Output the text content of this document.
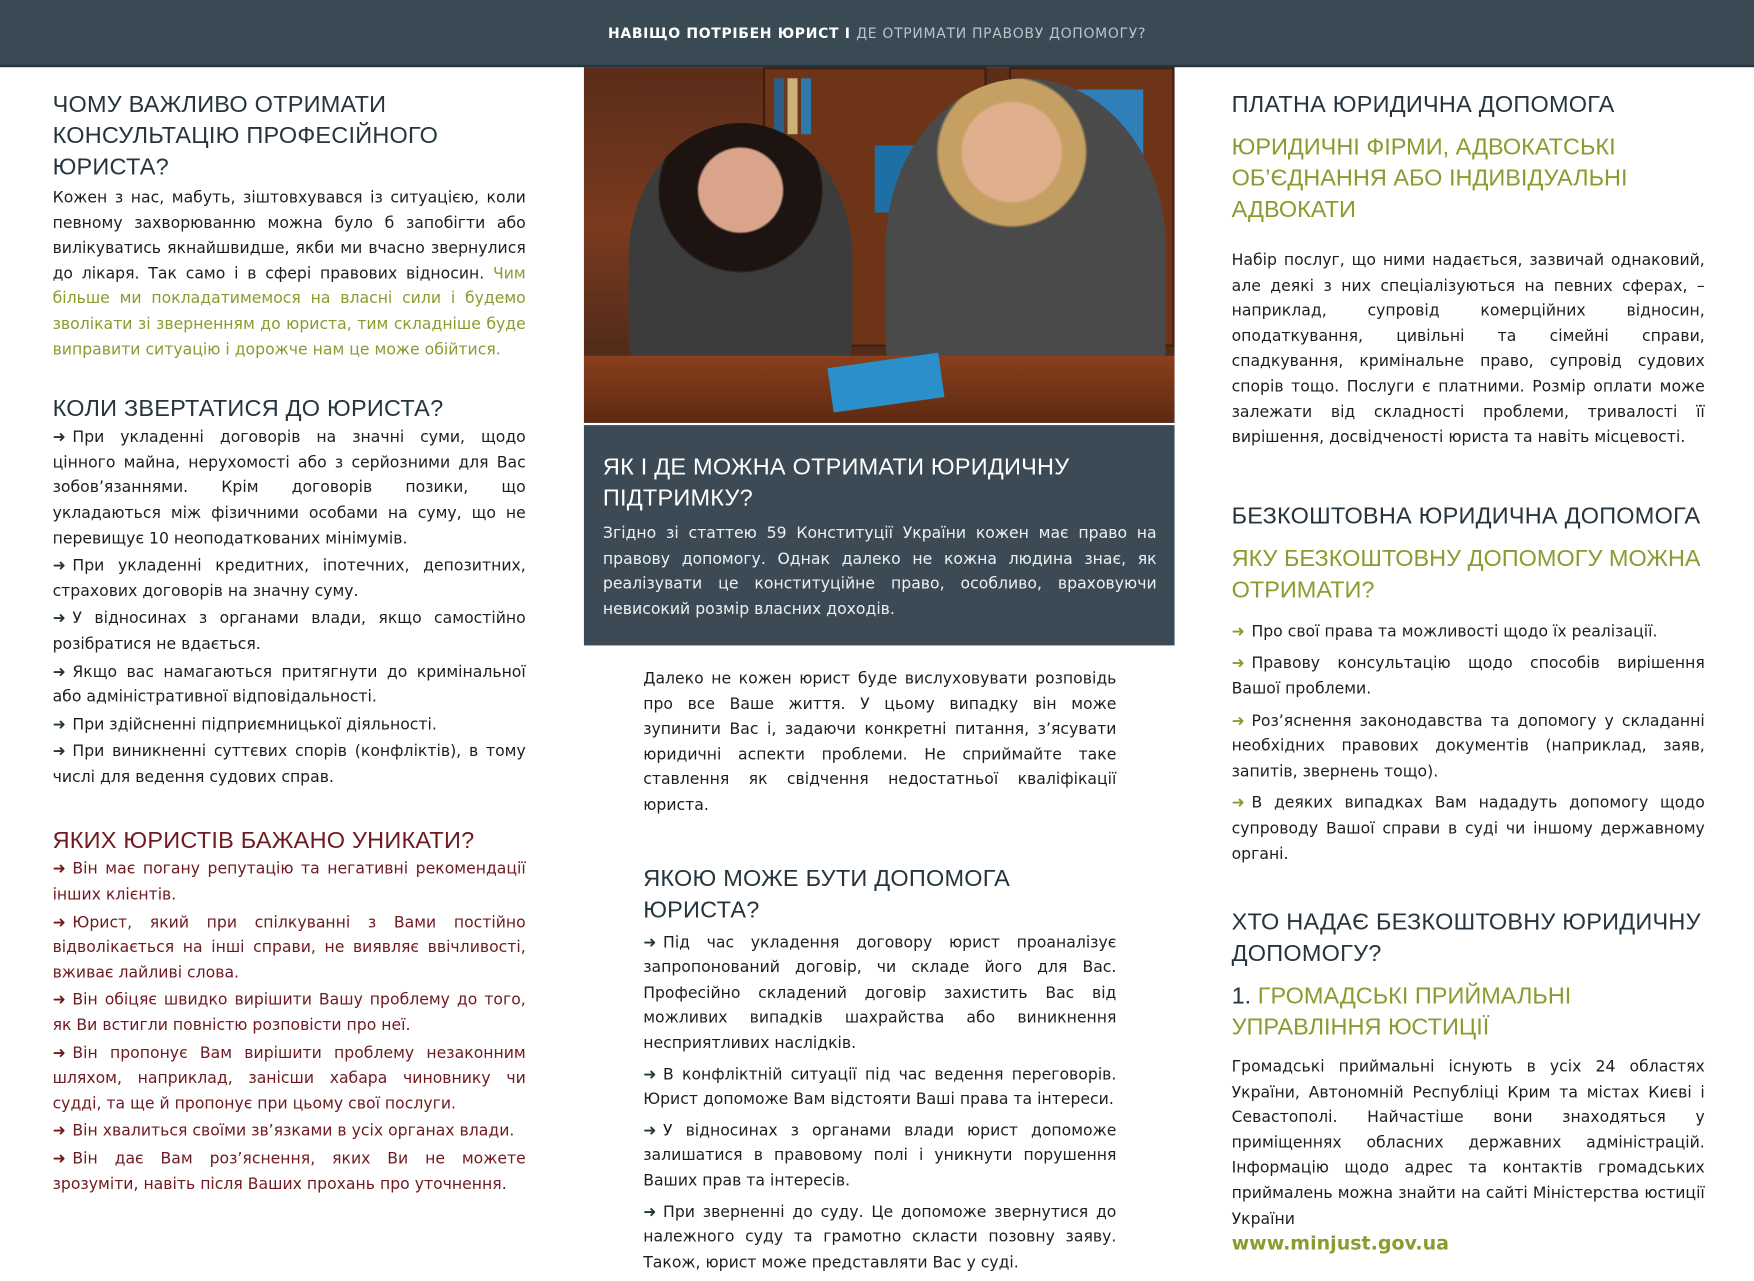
НАВІЩО ПОТРІБЕН ЮРИСТ І ДЕ ОТРИМАТИ ПРАВОВУ ДОПОМОГУ?
ЧОМУ ВАЖЛИВО ОТРИМАТИ КОНСУЛЬТАЦІЮ ПРОФЕСІЙНОГО ЮРИСТА?

Кожен з нас, мабуть, зіштовхувався із ситуацією, коли певному захворюванню можна було б запобігти або вилікуватись якнайшвидше, якби ми вчасно звернулися до лікаря. Так само і в сфері правових відносин. Чим більше ми покладатимемося на власні сили і будемо зволікати зі зверненням до юриста, тим складніше буде виправити ситуацію і дорожче нам це може обійтися.

КОЛИ ЗВЕРТАТИСЯ ДО ЮРИСТА?
➜ При укладенні договорів на значні суми, щодо цінного майна, нерухомості або з серйозними для Вас зобов’язаннями. Крім договорів позики, що укладаються між фізичними особами на суму, що не перевищує 10 неоподаткованих мінімумів.
➜ При укладенні кредитних, іпотечних, депозитних, страхових договорів на значну суму.
➜ У відносинах з органами влади, якщо самостійно розібратися не вдається.
➜ Якщо вас намагаються притягнути до кримінальної або адміністративної відповідальності.
➜ При здійсненні підприємницької діяльності.
➜ При виникненні суттєвих спорів (конфліктів), в тому числі для ведення судових справ.
ЯКИХ ЮРИСТІВ БАЖАНО УНИКАТИ?
➜ Він має погану репутацію та негативні рекомендації інших клієнтів.
➜ Юрист, який при спілкуванні з Вами постійно відволікається на інші справи, не виявляє ввічливості, вживає лайливі слова.
➜ Він обіцяє швидко вирішити Вашу проблему до того, як Ви встигли повністю розповісти про неї.
➜ Він пропонує Вам вирішити проблему незаконним шляхом, наприклад, занісши хабара чиновнику чи судді, та ще й пропонує при цьому свої послуги.
➜ Він хвалиться своїми зв’язками в усіх органах влади.
➜ Він дає Вам роз’яснення, яких Ви не можете зрозуміти, навіть після Ваших прохань про уточнення.
ЯК І ДЕ МОЖНА ОТРИМАТИ ЮРИДИЧНУ ПІДТРИМКУ?

Згідно зі статтею 59 Конституції України кожен має право на правову допомогу. Однак далеко не кожна людина знає, як реалізувати це конституційне право, особливо, враховуючи невисокий розмір власних доходів.

Далеко не кожен юрист буде вислуховувати розповідь про все Ваше життя. У цьому випадку він може зупинити Вас і, задаючи конкретні питання, з’ясувати юридичні аспекти проблеми. Не сприймайте таке ставлення як свідчення недостатньої кваліфікації юриста.

ЯКОЮ МОЖЕ БУТИ ДОПОМОГА ЮРИСТА?
➜ Під час укладення договору юрист проаналізує запропонований договір, чи складе його для Вас. Професійно складений договір захистить Вас від можливих випадків шахрайства або виникнення несприятливих наслідків.
➜ В конфліктній ситуації під час ведення переговорів. Юрист допоможе Вам відстояти Ваші права та інтереси.
➜ У відносинах з органами влади юрист допоможе залишатися в правовому полі і уникнути порушення Ваших прав та інтересів.
➜ При зверненні до суду. Це допоможе звернутися до належного суду та грамотно скласти позовну заяву. Також, юрист може представляти Вас у суді.
ПЛАТНА ЮРИДИЧНА ДОПОМОГА
ЮРИДИЧНІ ФІРМИ, АДВОКАТСЬКІ ОБ’ЄДНАННЯ АБО ІНДИВІДУАЛЬНІ АДВОКАТИ

Набір послуг, що ними надається, зазвичай однаковий, але деякі з них спеціалізуються на певних сферах, – наприклад, супровід комерційних відносин, оподаткування, цивільні та сімейні справи, спадкування, кримінальне право, супровід судових спорів тощо. Послуги є платними. Розмір оплати може залежати від складності проблеми, тривалості її вирішення, досвідченості юриста та навіть місцевості.

БЕЗКОШТОВНА ЮРИДИЧНА ДОПОМОГА
ЯКУ БЕЗКОШТОВНУ ДОПОМОГУ МОЖНА ОТРИМАТИ?
➜ Про свої права та можливості щодо їх реалізації.
➜ Правову консультацію щодо способів вирішення Вашої проблеми.
➜ Роз’яснення законодавства та допомогу у складанні необхідних правових документів (наприклад, заяв, запитів, звернень тощо).
➜ В деяких випадках Вам нададуть допомогу щодо супроводу Вашої справи в суді чи іншому державному органі.
ХТО НАДАЄ БЕЗКОШТОВНУ ЮРИДИЧНУ ДОПОМОГУ?
1. ГРОМАДСЬКІ ПРИЙМАЛЬНІ УПРАВЛІННЯ ЮСТИЦІЇ

Громадські приймальні існують в усіх 24 областях України, Автономній Республіці Крим та містах Києві і Севастополі. Найчастіше вони знаходяться у приміщеннях обласних державних адміністрацій. Інформацію щодо адрес та контактів громадських приймалень можна знайти на сайті Міністерства юстиції України

www.minjust.gov.ua
